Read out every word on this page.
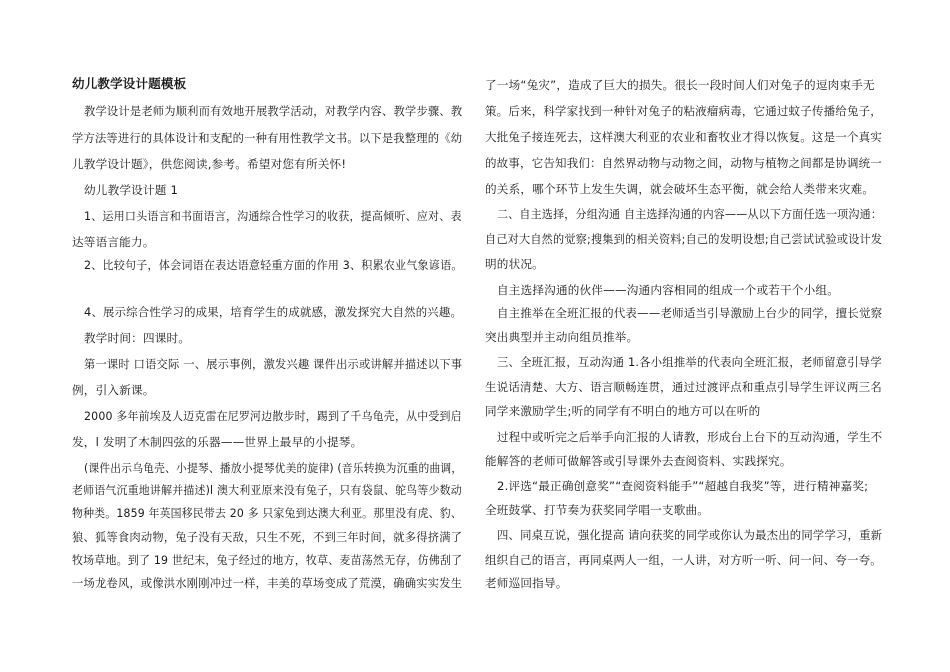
幼儿教学设计题模板
教学设计是老师为顺利而有效地开展教学活动，对教学内容、教学步骤、教
学方法等进行的具体设计和支配的一种有用性教学文书。以下是我整理的《幼
儿教学设计题》，供您阅读,参考。希望对您有所关怀!
幼儿教学设计题 1
1、运用口头语言和书面语言，沟通综合性学习的收获，提高倾听、应对、表
达等语言能力。
2、比较句子，体会词语在表达语意轻重方面的作用 3、积累农业气象谚语。
4、展示综合性学习的成果，培育学生的成就感，激发探究大自然的兴趣。
教学时间：四课时。
第一课时 口语交际 一、展示事例，激发兴趣 课件出示或讲解并描述以下事
例，引入新课。
2000 多年前埃及人迈克雷在尼罗河边散步时，踢到了千乌龟壳，从中受到启
发，l 发明了木制四弦的乐器——世界上最早的小提琴。
(课件出示乌龟壳、小提琴、播放小提琴优美的旋律) (音乐转换为沉重的曲调，
老师语气沉重地讲解并描述)l 澳大利亚原来没有兔子，只有袋鼠、鸵鸟等少数动
物种类。1859 年英国移民带去 20 多 只家兔到达澳大利亚。那里没有虎、豹、
狼、狐等食肉动物，兔子没有天敌，只生不死，不到三年时间，就多得挤满了
牧场草地。到了 19 世纪末，兔子经过的地方，牧草、麦苗荡然无存，仿佛刮了
一场龙卷风，或像洪水刚刚冲过一样，丰美的草场变成了荒漠，确确实实发生
了一场“兔灾”，造成了巨大的损失。很长一段时间人们对兔子的逗肉束手无
策。后来，科学家找到一种针对兔子的粘液瘤病毒，它通过蚊子传播给兔子，
大批兔子接连死去，这样澳大利亚的农业和畜牧业才得以恢复。这是一个真实
的故事，它告知我们：自然界动物与动物之间，动物与植物之间都是协调统一
的关系，哪个环节上发生失调，就会破坏生态平衡，就会给人类带来灾难。
二、自主选择，分组沟通 自主选择沟通的内容——从以下方面任选一项沟通：
自己对大自然的觉察;搜集到的相关资料;自己的发明设想;自己尝试试验或设计发
明的状况。
自主选择沟通的伙伴——沟通内容相同的组成一个或若干个小组。
自主推举在全班汇报的代表——老师适当引导激励上台少的同学，擅长觉察
突出典型并主动向组员推举。
三、全班汇报，互动沟通 1.各小组推举的代表向全班汇报，老师留意引导学
生说话清楚、大方、语言顺畅连贯，通过过渡评点和重点引导学生评议两三名
同学来激励学生;听的同学有不明白的地方可以在听的
过程中或听完之后举手向汇报的人请教，形成台上台下的互动沟通，学生不
能解答的老师可做解答或引导课外去查阅资料、实践探究。
2.评选“最正确创意奖”“查阅资料能手”“超越自我奖”等，进行精神嘉奖;
全班鼓掌、打节奏为获奖同学唱一支歌曲。
四、同桌互说，强化提高 请向获奖的同学或你认为最杰出的同学学习，重新
组织自己的语言，再同桌两人一组，一人讲，对方听一听、问一问、夸一夸。
老师巡回指导。
